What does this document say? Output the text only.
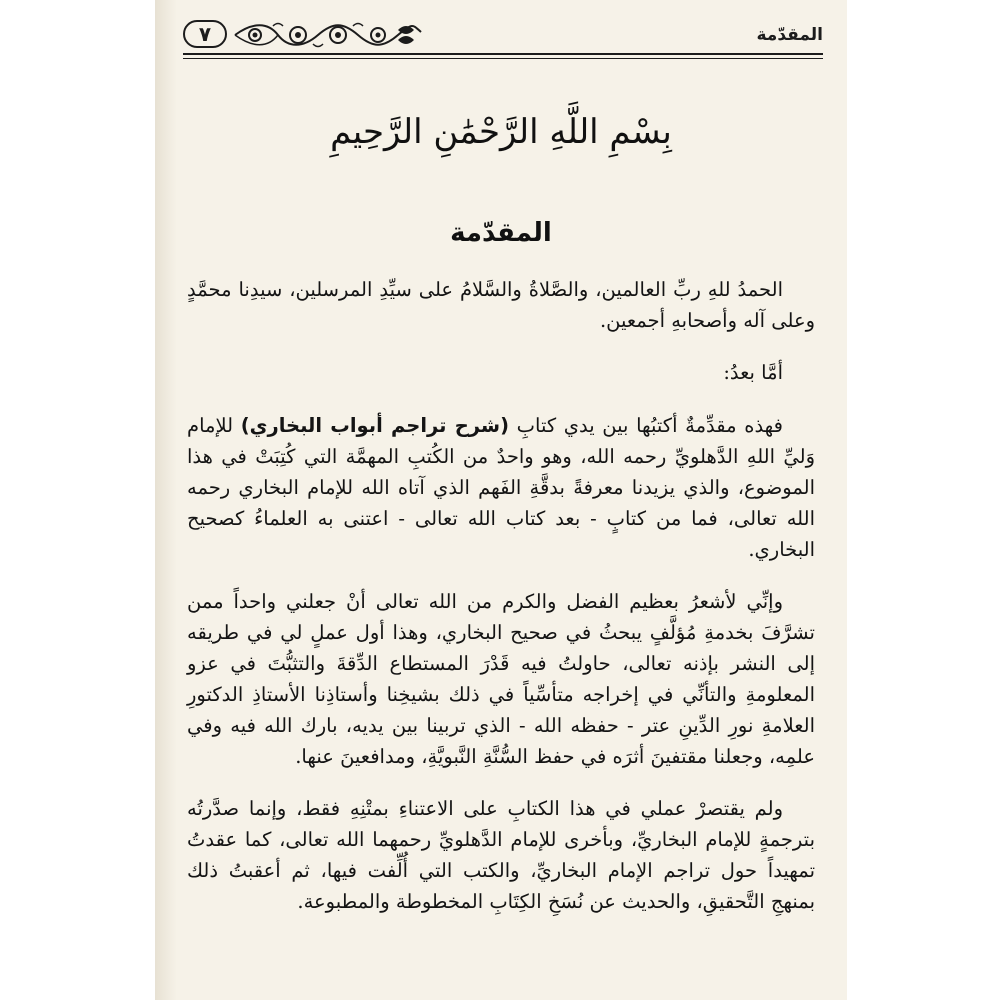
٧	المقدّمة
بِسْمِ اللَّهِ الرَّحْمَٰنِ الرَّحِيمِ
المقدّمة

الحمدُ للهِ ربِّ العالمين، والصَّلاةُ والسَّلامُ على سيِّدِ المرسلين، سيدِنا محمَّدٍ وعلى آله وأصحابهِ أجمعين.

أمَّا بعدُ:

فهذه مقدِّمةٌ أكتبُها بين يدي كتابِ (شرح تراجم أبواب البخاري) للإمام وَليِّ اللهِ الدَّهلويِّ رحمه الله، وهو واحدٌ من الكُتبِ المهمَّة التي كُتِبَتْ في هذا الموضوع، والذي يزيدنا معرفةً بدقَّةِ الفَهم الذي آتاه الله للإمام البخاري رحمه الله تعالى، فما من كتابٍ - بعد كتاب الله تعالى - اعتنى به العلماءُ كصحيح البخاري.

وإنِّي لأشعرُ بعظيم الفضل والكرم من الله تعالى أنْ جعلني واحداً ممن تشرَّفَ بخدمةِ مُؤلَّفٍ يبحثُ في صحيح البخاري، وهذا أول عملٍ لي في طريقه إلى النشر بإذنه تعالى، حاولتُ فيه قَدْرَ المستطاع الدِّقةَ والتثبُّتَ في عزو المعلومةِ والتأنِّي في إخراجه متأسِّياً في ذلك بشيخِنا وأستاذِنا الأستاذِ الدكتورِ العلامةِ نورِ الدِّينِ عتر - حفظه الله - الذي تربينا بين يديه، بارك الله فيه وفي علمِه، وجعلنا مقتفينَ أثرَه في حفظ السُّنَّةِ النَّبويَّةِ، ومدافعينَ عنها.

ولم يقتصرْ عملي في هذا الكتابِ على الاعتناءِ بمتْنِهِ فقط، وإنما صدَّرتُه بترجمةٍ للإمام البخاريِّ، وبأخرى للإمام الدَّهلويِّ رحمهما الله تعالى، كما عقدتُ تمهيداً حول تراجم الإمام البخاريِّ، والكتب التي أُلِّفت فيها، ثم أعقبتُ ذلك بمنهجِ التَّحقيقِ، والحديث عن نُسَخِ الكِتَابِ المخطوطة والمطبوعة.
